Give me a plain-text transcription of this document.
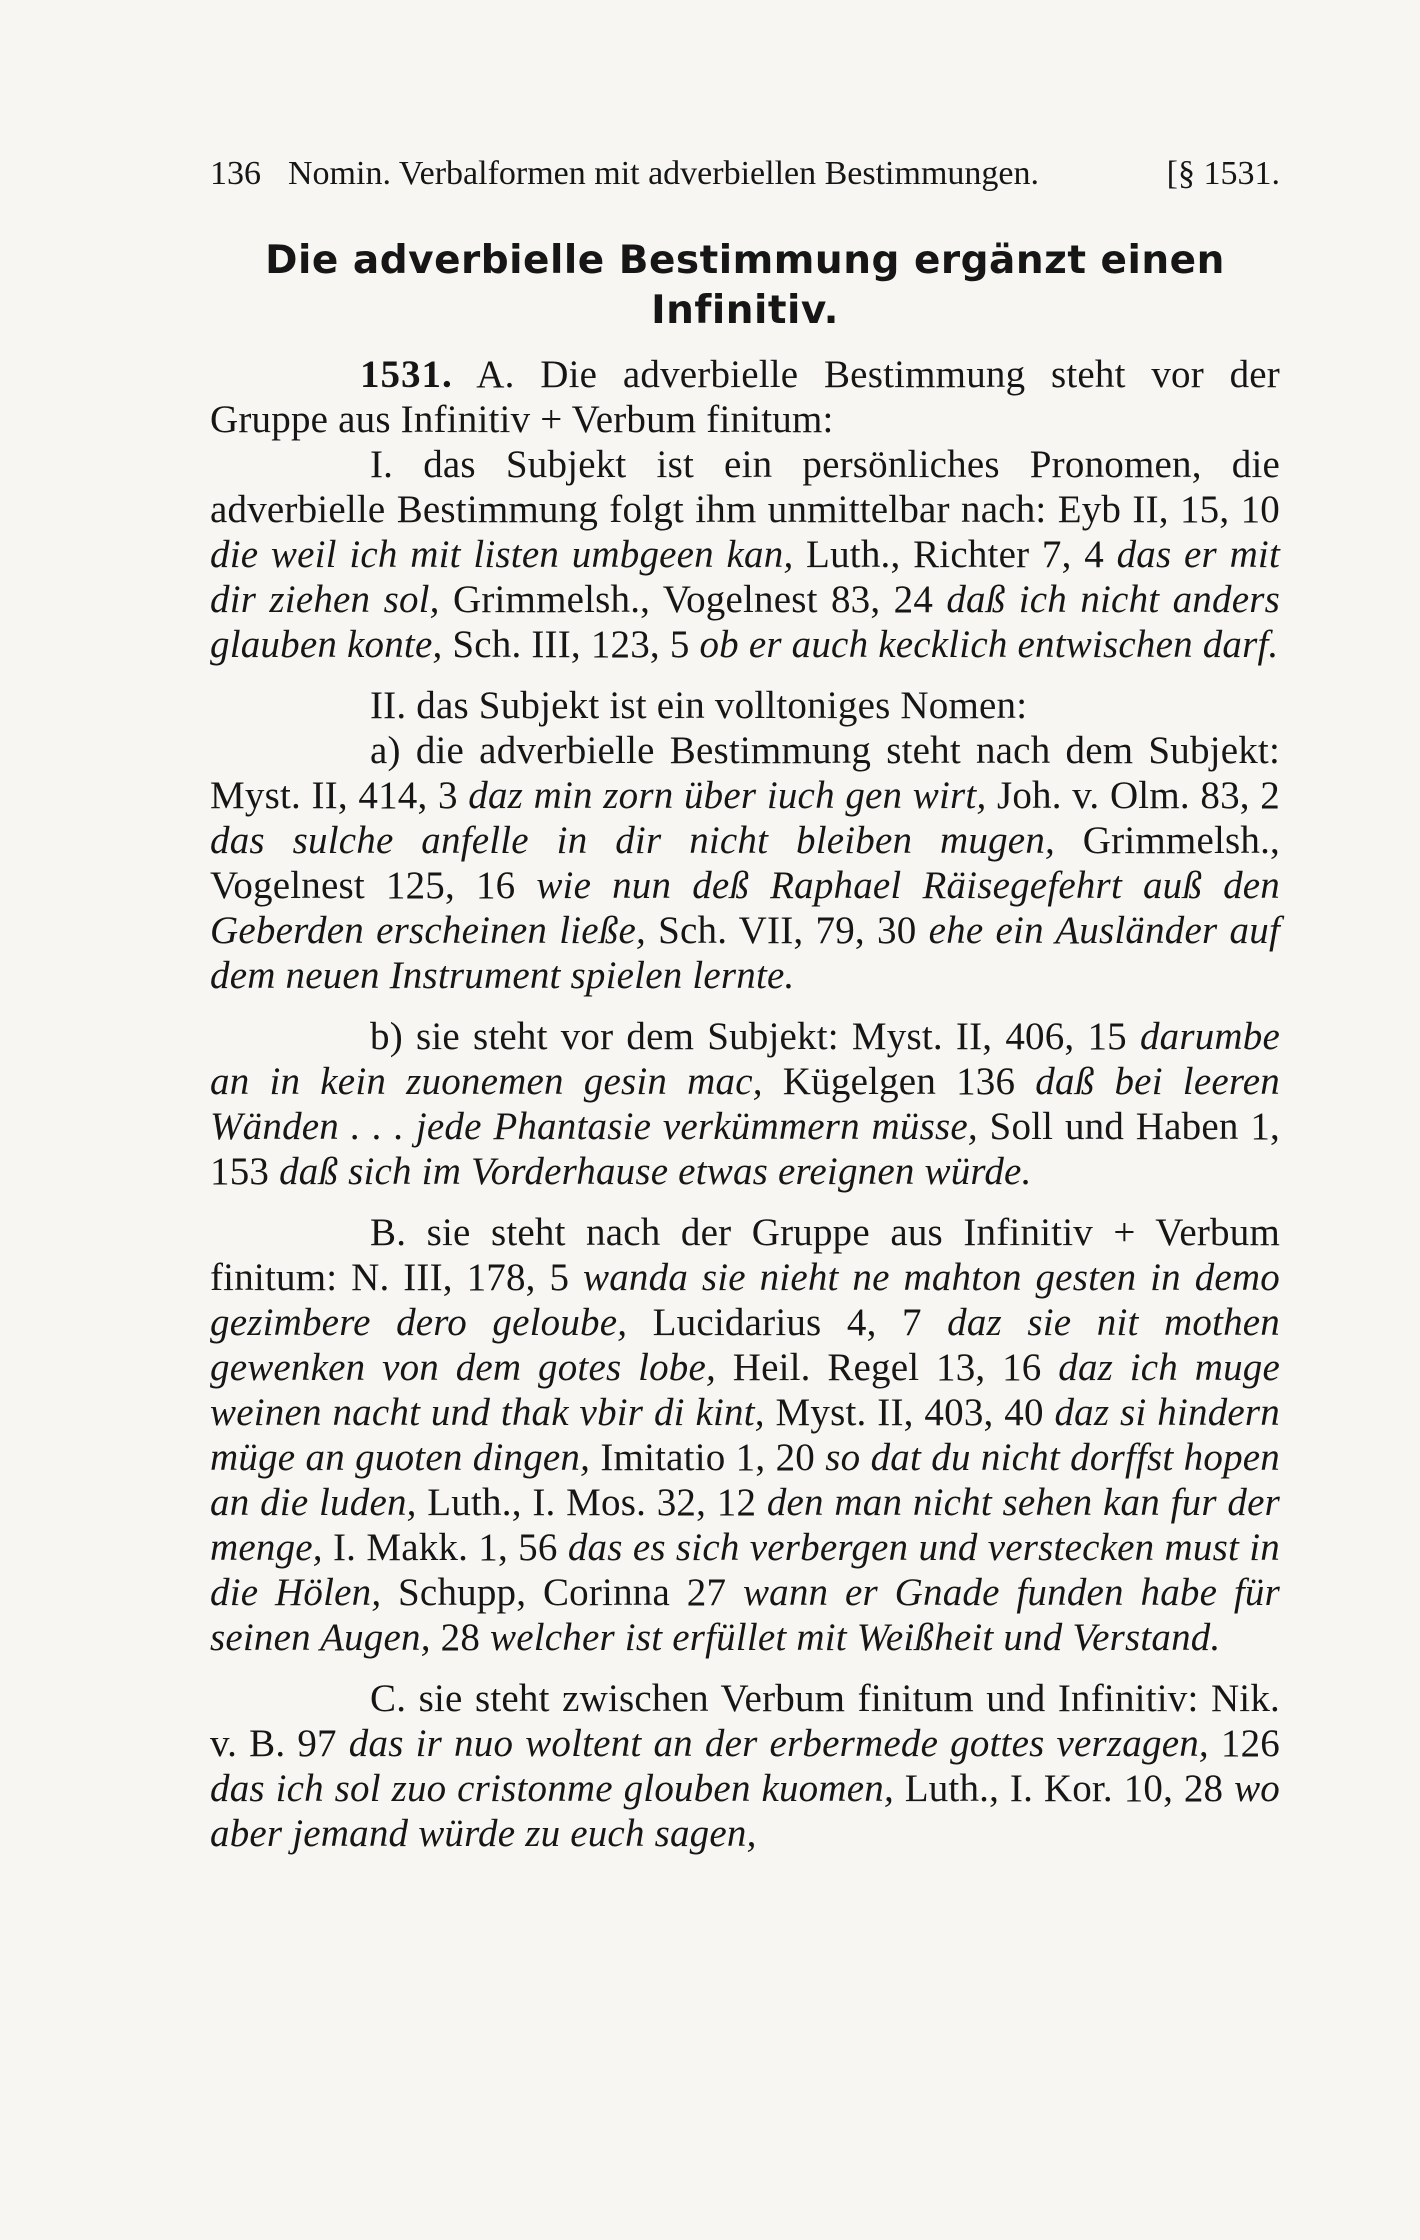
136 Nomin. Verbalformen mit adverbiellen Bestimmungen.	[§ 1531.
Die adverbielle Bestimmung ergänzt einen
Infinitiv.

1531. A. Die adverbielle Bestimmung steht vor der Gruppe aus Infinitiv + Verbum finitum:

I. das Subjekt ist ein persönliches Pronomen, die adverbielle Bestimmung folgt ihm unmittelbar nach: Eyb II, 15, 10 die weil ich mit listen umbgeen kan, Luth., Richter 7, 4 das er mit dir ziehen sol, Grimmelsh., Vogelnest 83, 24 daß ich nicht anders glauben konte, Sch. III, 123, 5 ob er auch kecklich entwischen darf.

II. das Subjekt ist ein volltoniges Nomen:

a) die adverbielle Bestimmung steht nach dem Subjekt: Myst. II, 414, 3 daz min zorn über iuch gen wirt, Joh. v. Olm. 83, 2 das sulche anfelle in dir nicht bleiben mugen, Grimmelsh., Vogelnest 125, 16 wie nun deß Raphael Räisegefehrt auß den Geberden erscheinen ließe, Sch. VII, 79, 30 ehe ein Ausländer auf dem neuen Instrument spielen lernte.

b) sie steht vor dem Subjekt: Myst. II, 406, 15 darumbe an in kein zuonemen gesin mac, Kügelgen 136 daß bei leeren Wänden . . . jede Phantasie verkümmern müsse, Soll und Haben 1, 153 daß sich im Vorderhause etwas ereignen würde.

B. sie steht nach der Gruppe aus Infinitiv + Verbum finitum: N. III, 178, 5 wanda sie nieht ne mahton gesten in demo gezimbere dero geloube, Lucidarius 4, 7 daz sie nit mothen gewenken von dem gotes lobe, Heil. Regel 13, 16 daz ich muge weinen nacht und thak vbir di kint, Myst. II, 403, 40 daz si hindern müge an guoten dingen, Imitatio 1, 20 so dat du nicht dorffst hopen an die luden, Luth., I. Mos. 32, 12 den man nicht sehen kan fur der menge, I. Makk. 1, 56 das es sich verbergen und verstecken must in die Hölen, Schupp, Corinna 27 wann er Gnade funden habe für seinen Augen, 28 welcher ist erfüllet mit Weißheit und Verstand.

C. sie steht zwischen Verbum finitum und Infinitiv: Nik. v. B. 97 das ir nuo woltent an der erbermede gottes verzagen, 126 das ich sol zuo cristonme glouben kuomen, Luth., I. Kor. 10, 28 wo aber jemand würde zu euch sagen,
